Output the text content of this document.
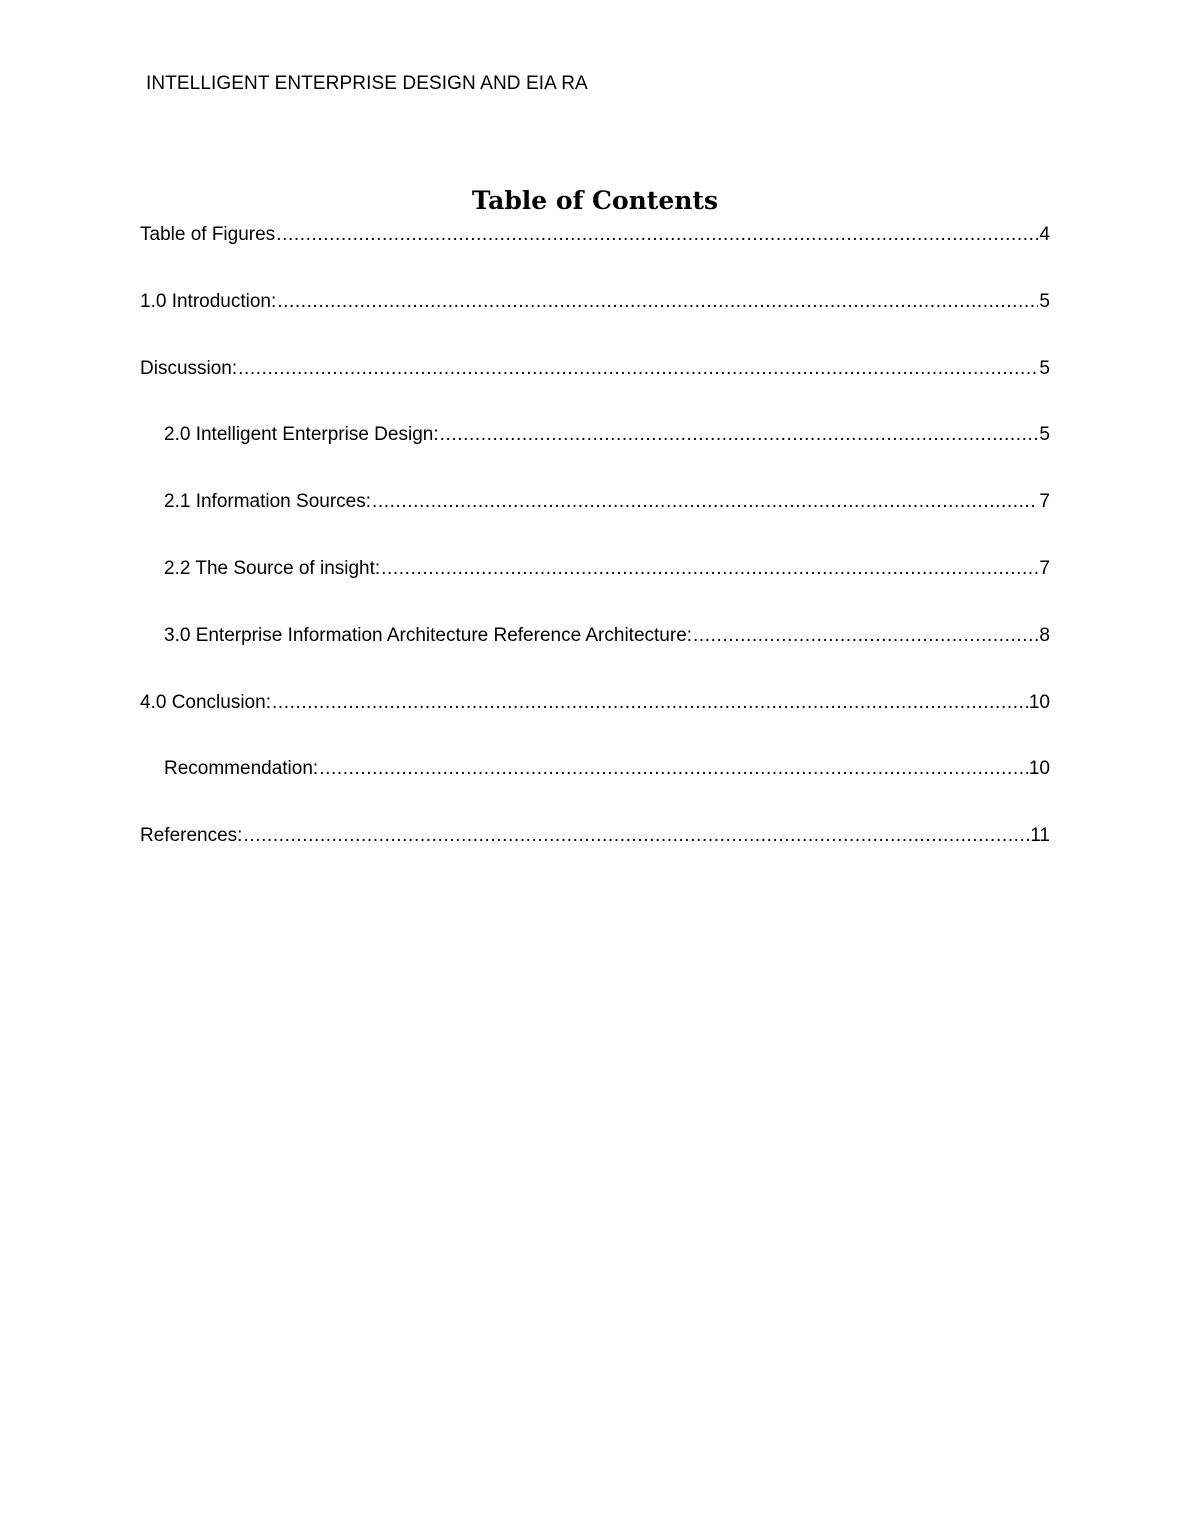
INTELLIGENT ENTERPRISE DESIGN AND EIA RA
Table of Contents
Table of Figures .....	4
1.0 Introduction: .....	5
Discussion: .....	5
2.0 Intelligent Enterprise Design: .....	5
2.1 Information Sources: .....	7
2.2 The Source of insight: .....	7
3.0 Enterprise Information Architecture Reference Architecture: .....	8
4.0 Conclusion: .....	10
Recommendation: .....	10
References: .....	11
